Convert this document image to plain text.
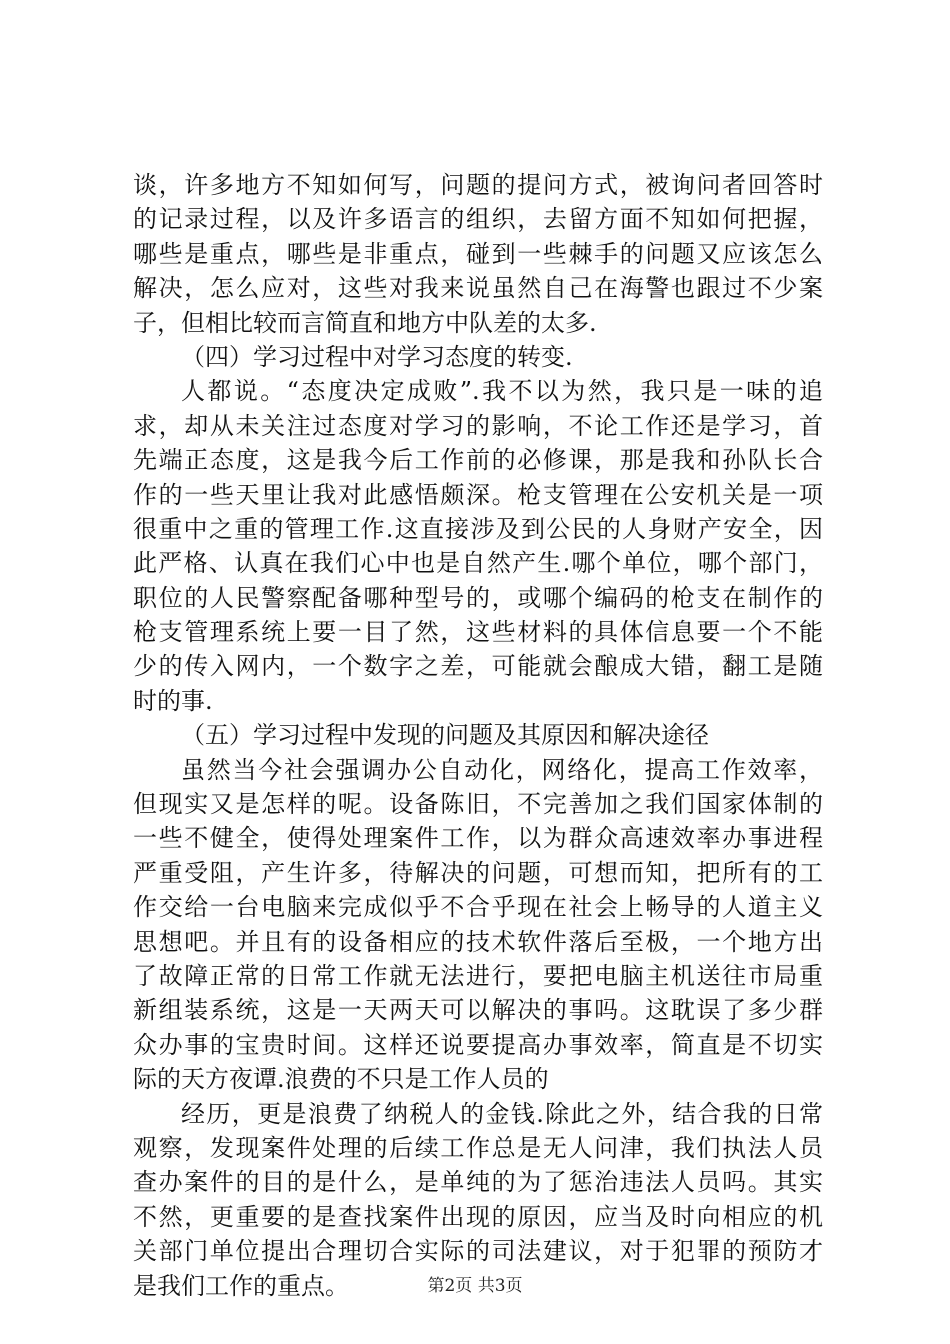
谈，许多地方不知如何写，问题的提问方式，被询问者回答时
的记录过程，以及许多语言的组织，去留方面不知如何把握，
哪些是重点，哪些是非重点，碰到一些棘手的问题又应该怎么
解决，怎么应对，这些对我来说虽然自己在海警也跟过不少案
子，但相比较而言简直和地方中队差的太多.
（四）学习过程中对学习态度的转变.
人都说。“态度决定成败”.我不以为然，我只是一味的追
求，却从未关注过态度对学习的影响，不论工作还是学习，首
先端正态度，这是我今后工作前的必修课，那是我和孙队长合
作的一些天里让我对此感悟颇深。枪支管理在公安机关是一项
很重中之重的管理工作.这直接涉及到公民的人身财产安全，因
此严格、认真在我们心中也是自然产生.哪个单位，哪个部门，
职位的人民警察配备哪种型号的，或哪个编码的枪支在制作的
枪支管理系统上要一目了然，这些材料的具体信息要一个不能
少的传入网内，一个数字之差，可能就会酿成大错，翻工是随
时的事.
（五）学习过程中发现的问题及其原因和解决途径
虽然当今社会强调办公自动化，网络化，提高工作效率，
但现实又是怎样的呢。设备陈旧，不完善加之我们国家体制的
一些不健全，使得处理案件工作，以为群众高速效率办事进程
严重受阻，产生许多，待解决的问题，可想而知，把所有的工
作交给一台电脑来完成似乎不合乎现在社会上畅导的人道主义
思想吧。并且有的设备相应的技术软件落后至极，一个地方出
了故障正常的日常工作就无法进行，要把电脑主机送往市局重
新组装系统，这是一天两天可以解决的事吗。这耽误了多少群
众办事的宝贵时间。这样还说要提高办事效率，简直是不切实
际的天方夜谭.浪费的不只是工作人员的
经历，更是浪费了纳税人的金钱.除此之外，结合我的日常
观察，发现案件处理的后续工作总是无人问津，我们执法人员
查办案件的目的是什么，是单纯的为了惩治违法人员吗。其实
不然，更重要的是查找案件出现的原因，应当及时向相应的机
关部门单位提出合理切合实际的司法建议，对于犯罪的预防才
是我们工作的重点。	第2页 共3页
